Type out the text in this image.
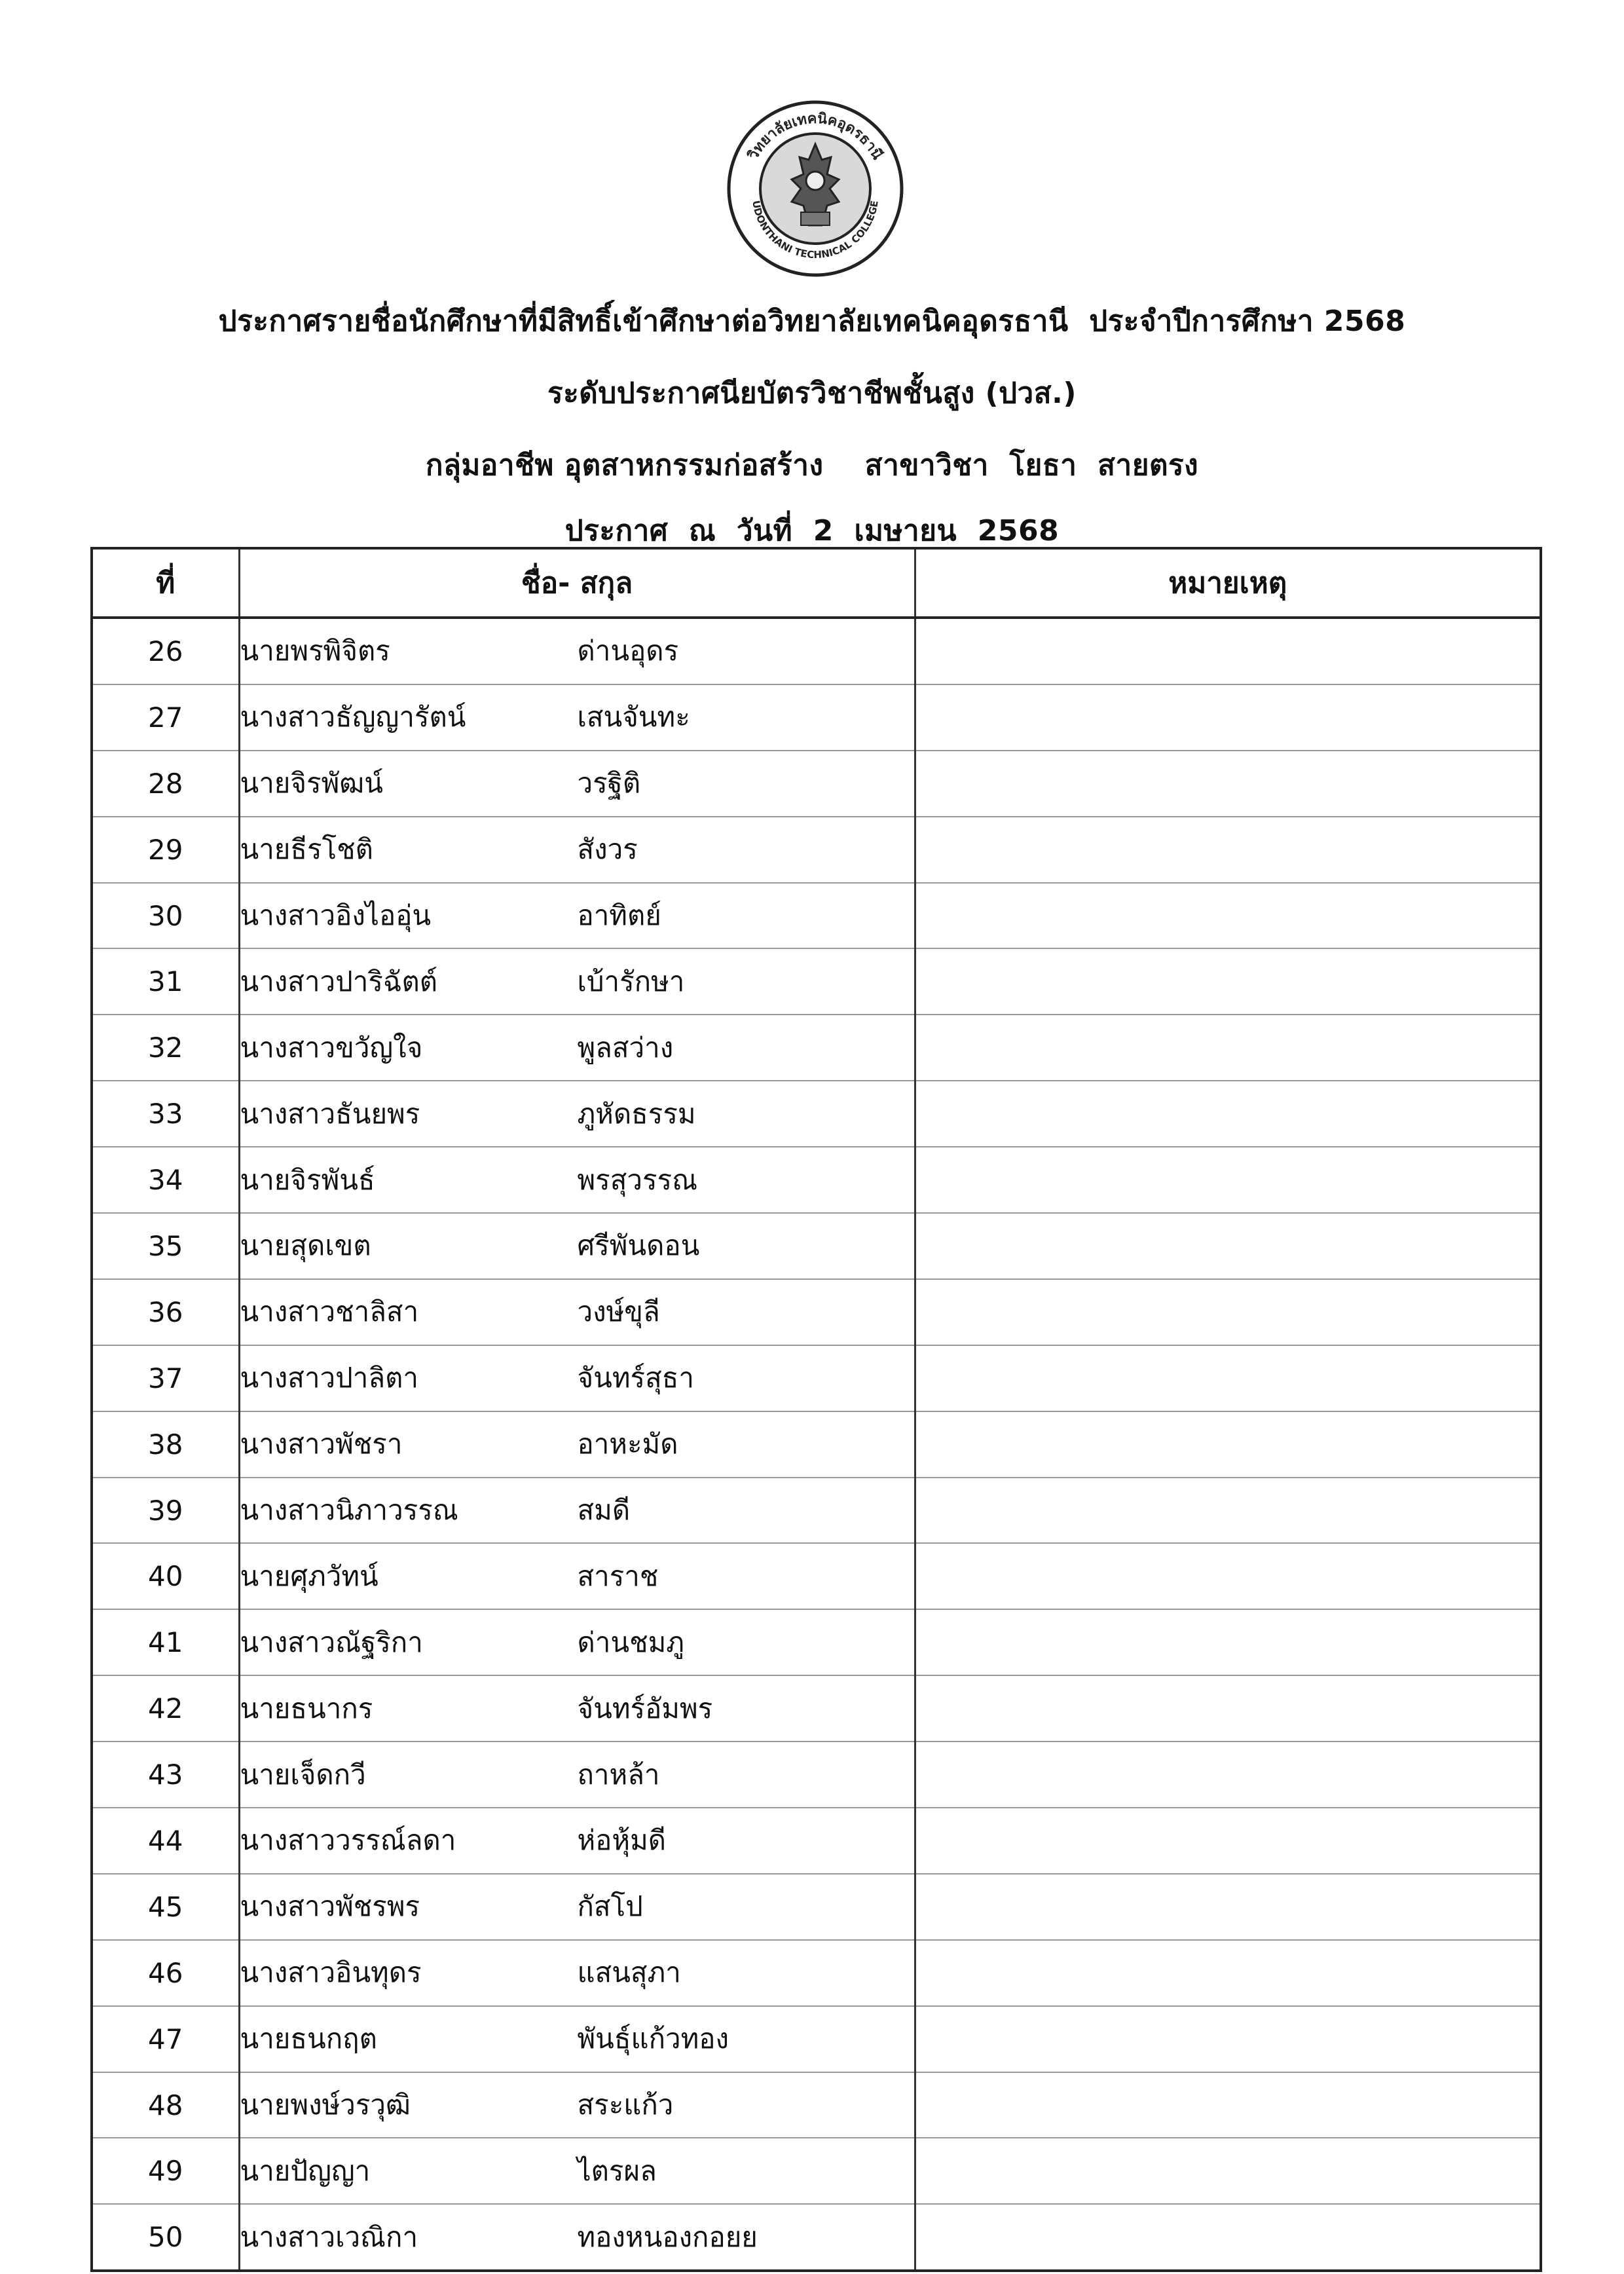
วิทยาลัยเทคนิคอุดรธานี
UDONTHANI TECHNICAL COLLEGE
ประกาศรายชื่อนักศึกษาที่มีสิทธิ์เข้าศึกษาต่อวิทยาลัยเทคนิคอุดรธานี  ประจำปีการศึกษา 2568
ระดับประกาศนียบัตรวิชาชีพชั้นสูง (ปวส.)
กลุ่มอาชีพ อุตสาหกรรมก่อสร้าง    สาขาวิชา  โยธา  สายตรง
ประกาศ  ณ  วันที่  2  เมษายน  2568
ที่	ชื่อ- สกุล	หมายเหตุ
26	นายพรพิจิตร ด่านอุดร	
27	นางสาวธัญญารัตน์ เสนจันทะ	
28	นายจิรพัฒน์ วรฐิติ	
29	นายธีรโชติ สังวร	
30	นางสาวอิงไออุ่น อาทิตย์	
31	นางสาวปาริฉัตต์ เบ้ารักษา	
32	นางสาวขวัญใจ พูลสว่าง	
33	นางสาวธันยพร ภูหัดธรรม	
34	นายจิรพันธ์ พรสุวรรณ	
35	นายสุดเขต ศรีพันดอน	
36	นางสาวชาลิสา วงษ์ขุลี	
37	นางสาวปาลิตา จันทร์สุธา	
38	นางสาวพัชรา อาหะมัด	
39	นางสาวนิภาวรรณ สมดี	
40	นายศุภวัทน์ สาราช	
41	นางสาวณัฐริกา ด่านชมภู	
42	นายธนากร จันทร์อัมพร	
43	นายเจ็ดกวี ถาหล้า	
44	นางสาววรรณ์ลดา ห่อหุ้มดี	
45	นางสาวพัชรพร กัสโป	
46	นางสาวอินทุดร แสนสุภา	
47	นายธนกฤต พันธุ์แก้วทอง	
48	นายพงษ์วรวุฒิ สระแก้ว	
49	นายปัญญา ไตรผล	
50	นางสาวเวณิกา ทองหนองกอยย	
